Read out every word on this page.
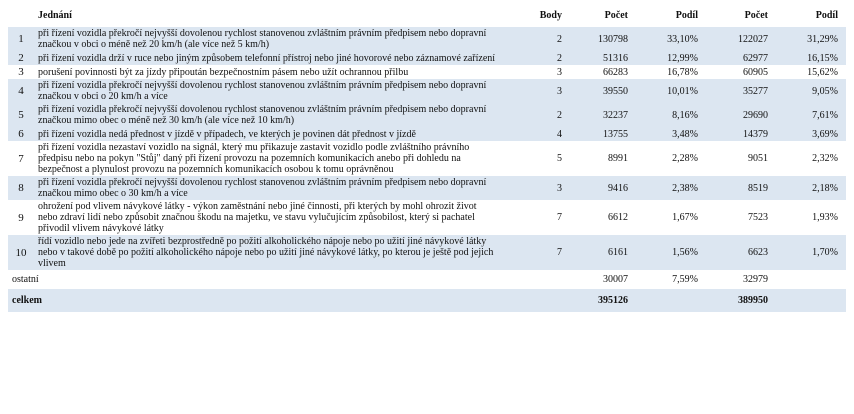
	Jednání	Body	Počet	Podíl	Počet	Podíl
1	při řízení vozidla překročí nejvyšší dovolenou rychlost stanovenou zvláštním právním předpisem nebo dopravní značkou v obci o méně než 20 km/h (ale více než 5 km/h)	2	130798	33,10%	122027	31,29%
2	při řízení vozidla drží v ruce nebo jiným způsobem telefonní přístroj nebo jiné hovorové nebo záznamové zařízení	2	51316	12,99%	62977	16,15%
3	porušení povinnosti být za jízdy připoután bezpečnostním pásem nebo užít ochrannou přilbu	3	66283	16,78%	60905	15,62%
4	při řízení vozidla překročí nejvyšší dovolenou rychlost stanovenou zvláštním právním předpisem nebo dopravní značkou v obci o 20 km/h a více	3	39550	10,01%	35277	9,05%
5	při řízení vozidla překročí nejvyšší dovolenou rychlost stanovenou zvláštním právním předpisem nebo dopravní značkou mimo obec o méně než 30 km/h (ale více než 10 km/h)	2	32237	8,16%	29690	7,61%
6	při řízení vozidla nedá přednost v jízdě v případech, ve kterých je povinen dát přednost v jízdě	4	13755	3,48%	14379	3,69%
7	při řízení vozidla nezastaví vozidlo na signál, který mu přikazuje zastavit vozidlo podle zvláštního právního předpisu nebo na pokyn "Stůj" daný při řízení provozu na pozemních komunikacích anebo při dohledu na bezpečnost a plynulost provozu na pozemních komunikacích osobou k tomu oprávněnou	5	8991	2,28%	9051	2,32%
8	při řízení vozidla překročí nejvyšší dovolenou rychlost stanovenou zvláštním právním předpisem nebo dopravní značkou mimo obec o 30 km/h a více	3	9416	2,38%	8519	2,18%
9	ohrožení pod vlivem návykové látky - výkon zaměstnání nebo jiné činnosti, při kterých by mohl ohrozit život nebo zdraví lidí nebo způsobit značnou škodu na majetku, ve stavu vylučujícím způsobilost, který si pachatel přivodil vlivem návykové látky	7	6612	1,67%	7523	1,93%
10	řídí vozidlo nebo jede na zvířeti bezprostředně po požití alkoholického nápoje nebo po užití jiné návykové látky nebo v takové době po požití alkoholického nápoje nebo po užití jiné návykové látky, po kterou je ještě pod jejich vlivem	7	6161	1,56%	6623	1,70%
ostatní			30007	7,59%	32979	
celkem			395126		389950	
